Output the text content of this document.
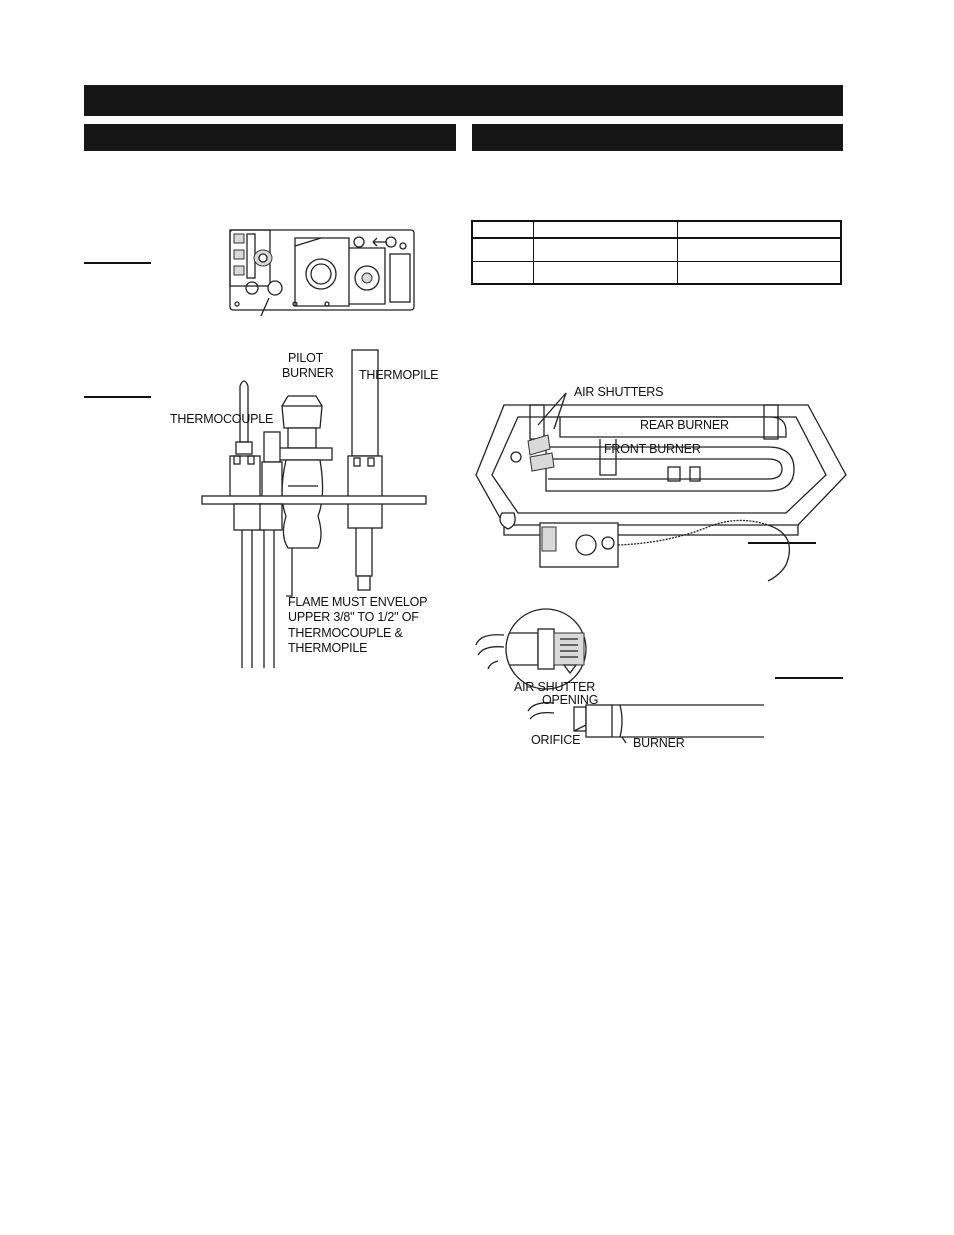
PILOT
BURNER THERMOPILE
THERMOCOUPLE
FLAME MUST ENVELOP
UPPER 3/8" TO 1/2" OF
THERMOCOUPLE &
THERMOPILE
AIR SHUTTERS
REAR BURNER
FRONT BURNER
AIR SHUTTER
OPENING
ORIFICE	BURNER
